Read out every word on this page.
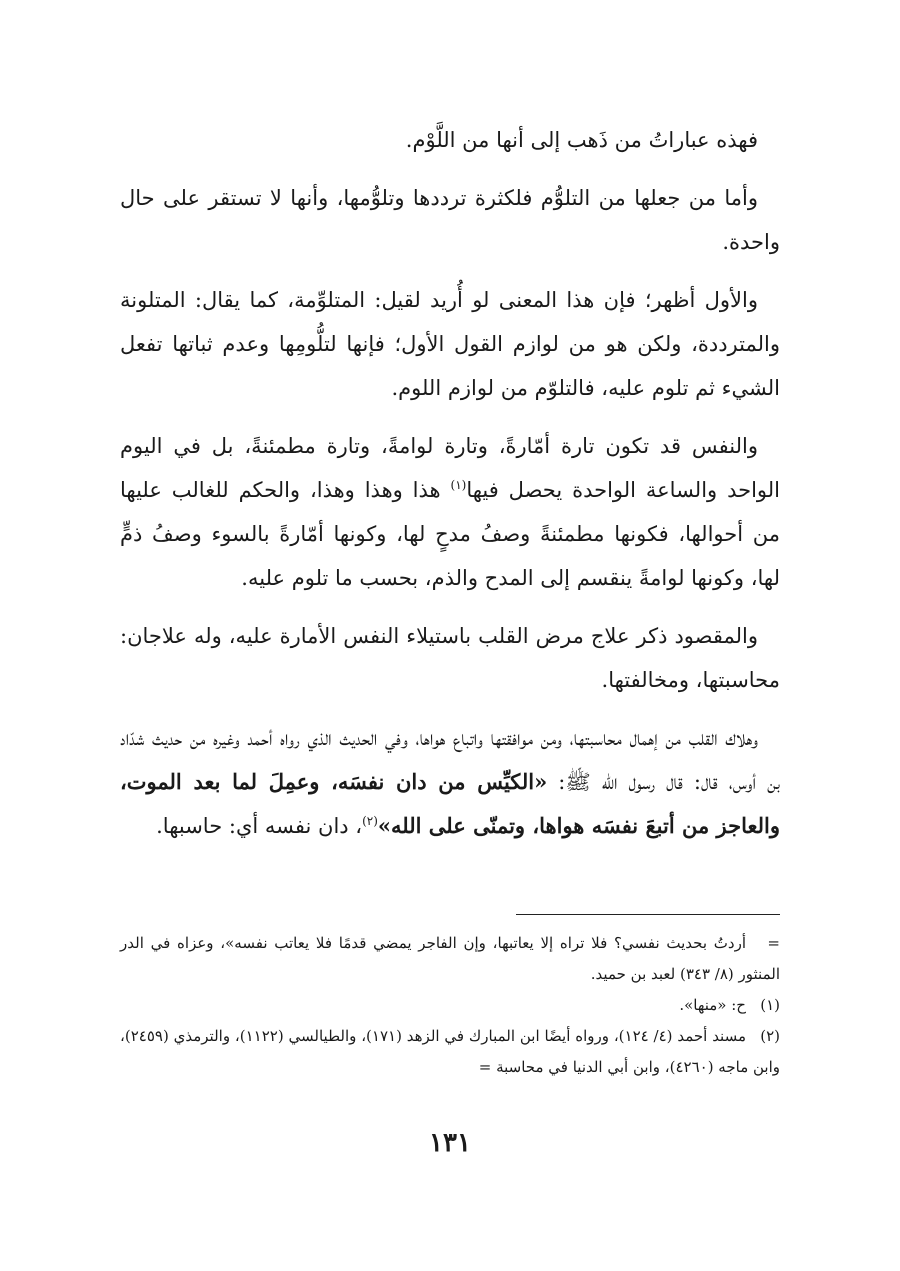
فهذه عباراتُ من ذَهب إلى أنها من اللَّوْم.

وأما من جعلها من التلوُّم فلكثرة ترددها وتلوُّمها، وأنها لا تستقر على حال واحدة.

والأول أظهر؛ فإن هذا المعنى لو أُريد لقيل: المتلوِّمة، كما يقال: المتلونة والمترددة، ولكن هو من لوازم القول الأول؛ فإنها لتلُّومِها وعدم ثباتها تفعل الشيء ثم تلوم عليه، فالتلوّم من لوازم اللوم.

والنفس قد تكون تارة أمّارةً، وتارة لوامةً، وتارة مطمئنةً، بل في اليوم الواحد والساعة الواحدة يحصل فيها$^{(١)}$ هذا وهذا وهذا، والحكم للغالب عليها من أحوالها، فكونها مطمئنةً وصفُ مدحٍ لها، وكونها أمّارةً بالسوء وصفُ ذمٍّ لها، وكونها لوامةً ينقسم إلى المدح والذم، بحسب ما تلوم عليه.

والمقصود ذكر علاج مرض القلب باستيلاء النفس الأمارة عليه، وله علاجان: محاسبتها، ومخالفتها.

وهلاك القلب من إهمال محاسبتها، ومن موافقتها واتباع هواها، وفي الحديث الذي رواه أحمد وغيره من حديث شدّاد بن أوس، قال: قال رسول الله ﷺ: «الكيِّس من دان نفسَه، وعمِلَ لما بعد الموت، والعاجز من أتبعَ نفسَه هواها، وتمنّى على الله»$^{(٢)}$، دان نفسه أي: حاسبها.

=أردتُ بحديث نفسي؟ فلا تراه إلا يعاتبها، وإن الفاجر يمضي قدمًا فلا يعاتب نفسه»، وعزاه في الدر المنثور (٨/ ٣٤٣) لعبد بن حميد.

(١)ح: «منها».

(٢)مسند أحمد (٤/ ١٢٤)، ورواه أيضًا ابن المبارك في الزهد (١٧١)، والطيالسي (١١٢٢)، والترمذي (٢٤٥٩)، وابن ماجه (٤٢٦٠)، وابن أبي الدنيا في محاسبة =

١٣١
